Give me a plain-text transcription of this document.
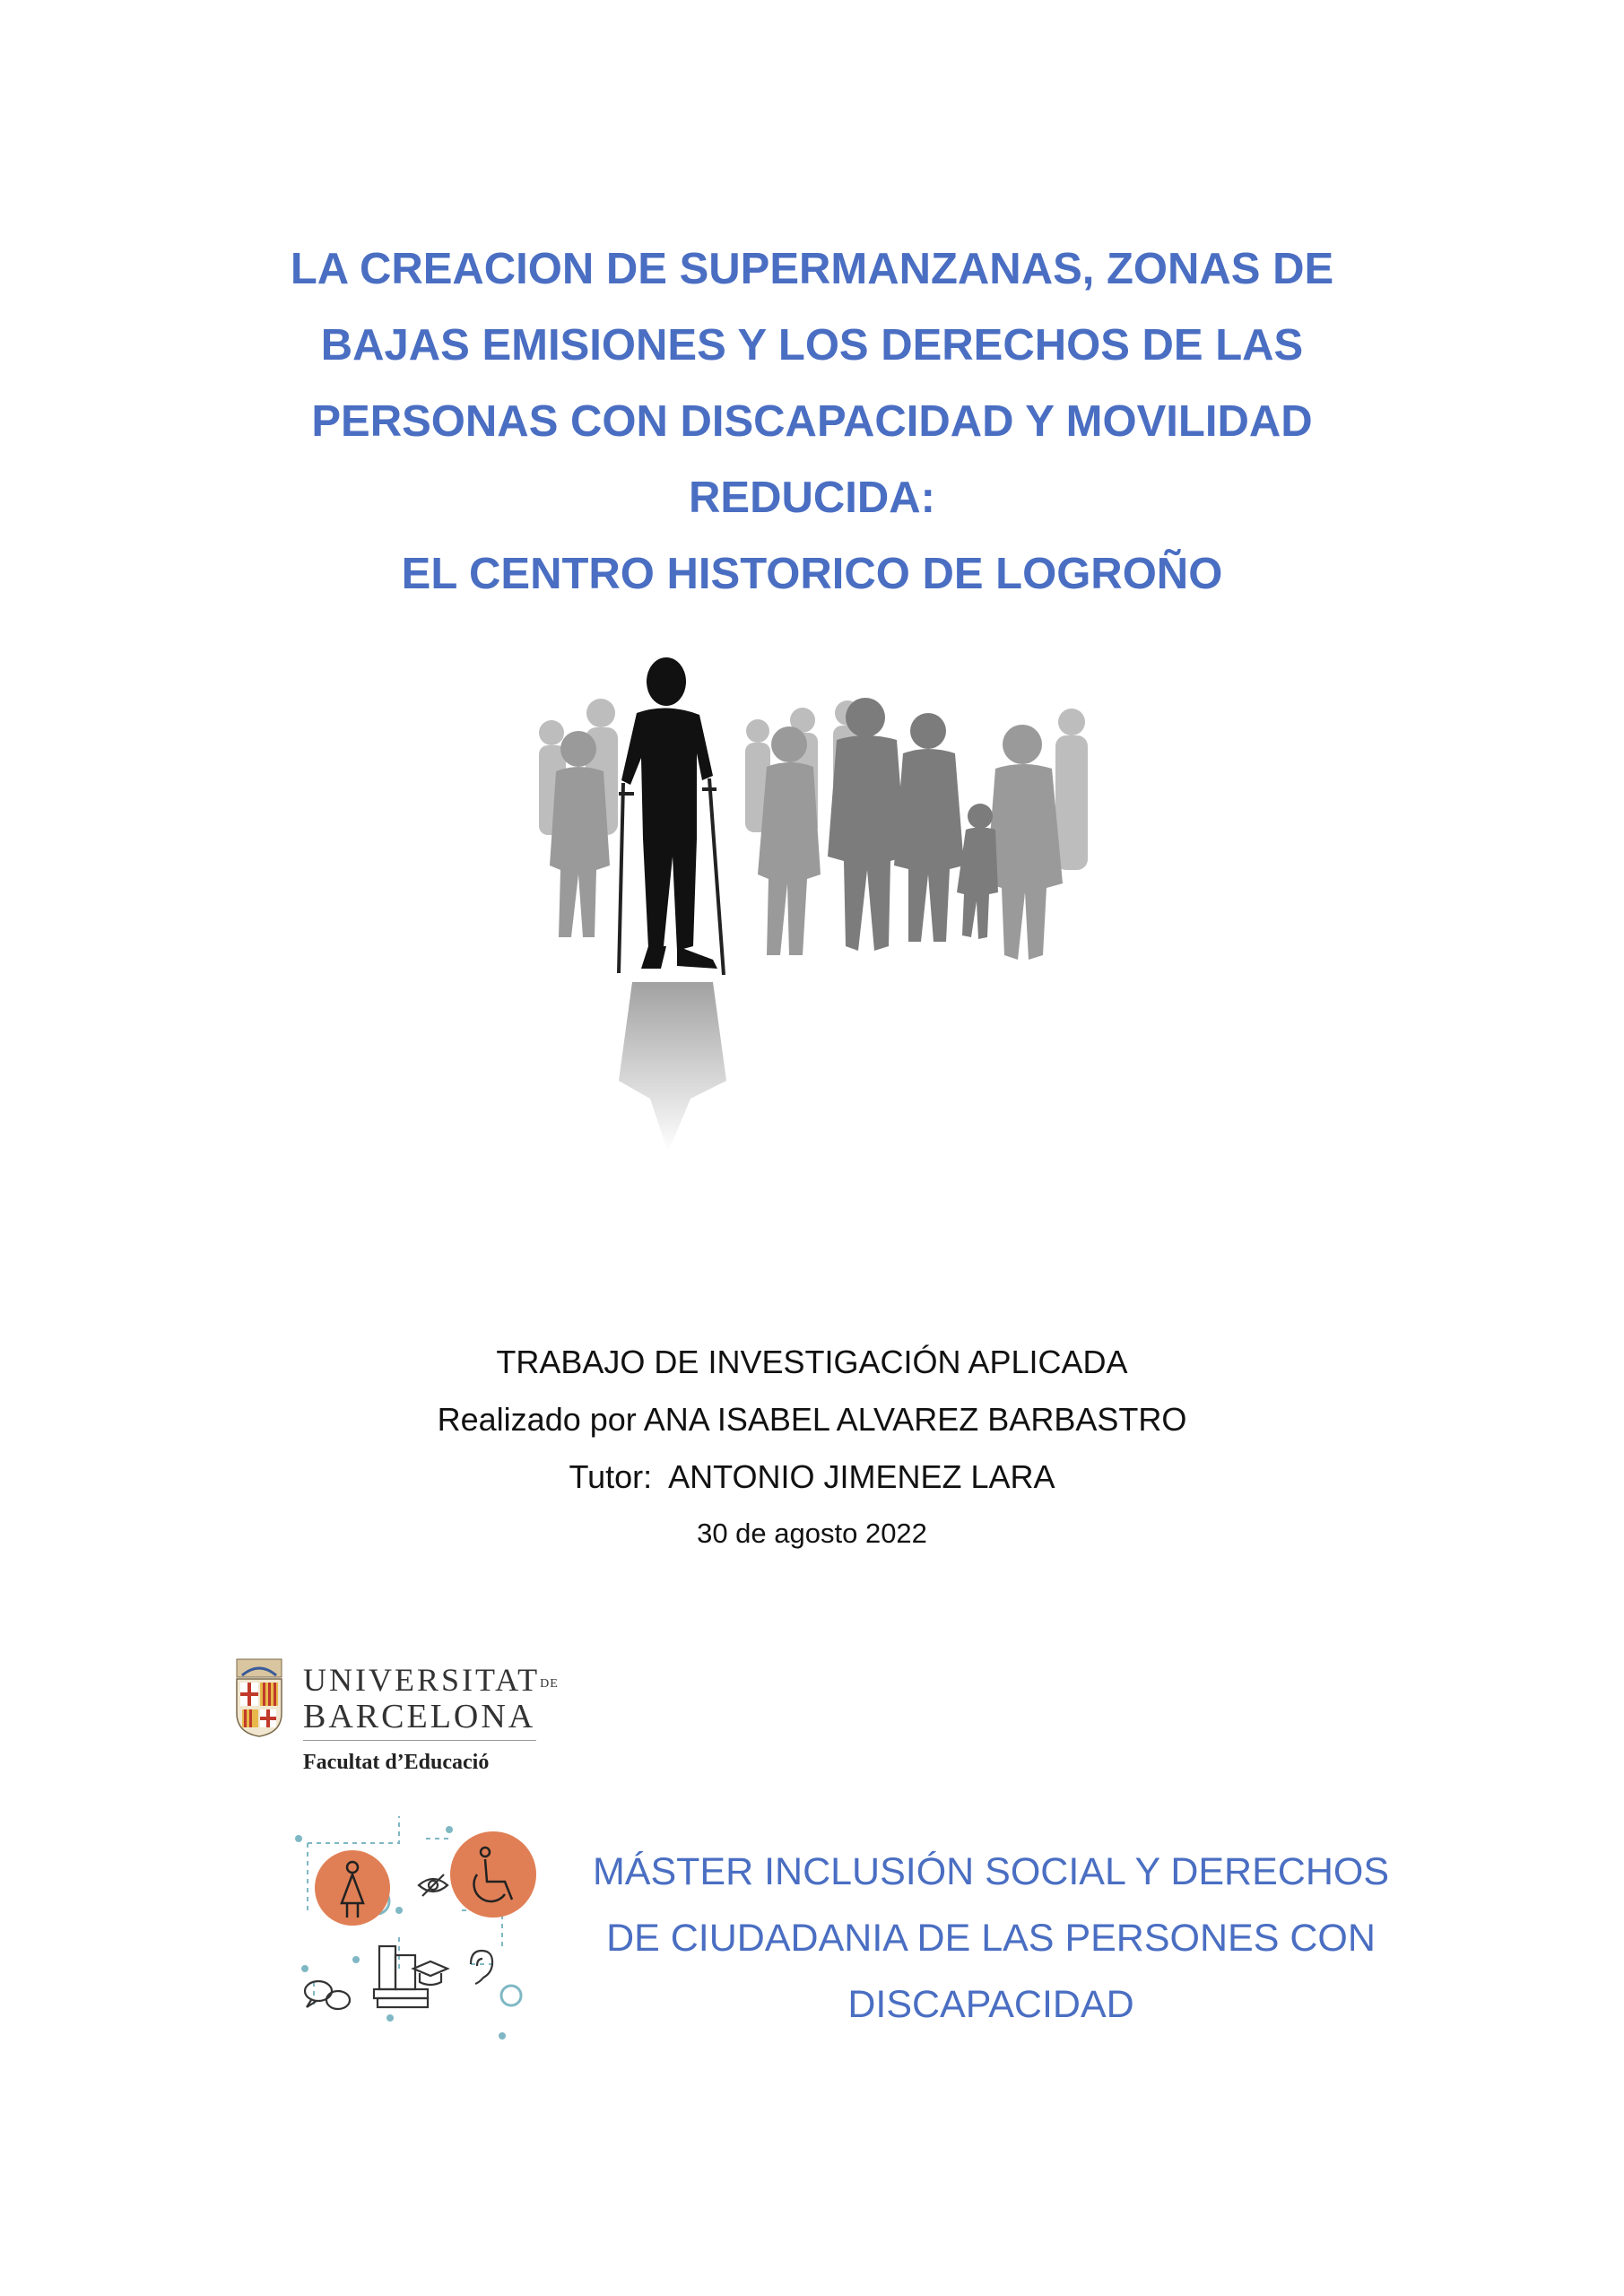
LA CREACION DE SUPERMANZANAS, ZONAS DE
BAJAS EMISIONES Y LOS DERECHOS DE LAS
PERSONAS CON DISCAPACIDAD Y MOVILIDAD
REDUCIDA:
EL CENTRO HISTORICO DE LOGROÑO
TRABAJO DE INVESTIGACIÓN APLICADA
Realizado por ANA ISABEL ALVAREZ BARBASTRO
Tutor:  ANTONIO JIMENEZ LARA
30 de agosto 2022
UNIVERSITATDE
BARCELONA
Facultat d’Educació
MÁSTER INCLUSIÓN SOCIAL Y DERECHOS
DE CIUDADANIA DE LAS PERSONES CON
DISCAPACIDAD
